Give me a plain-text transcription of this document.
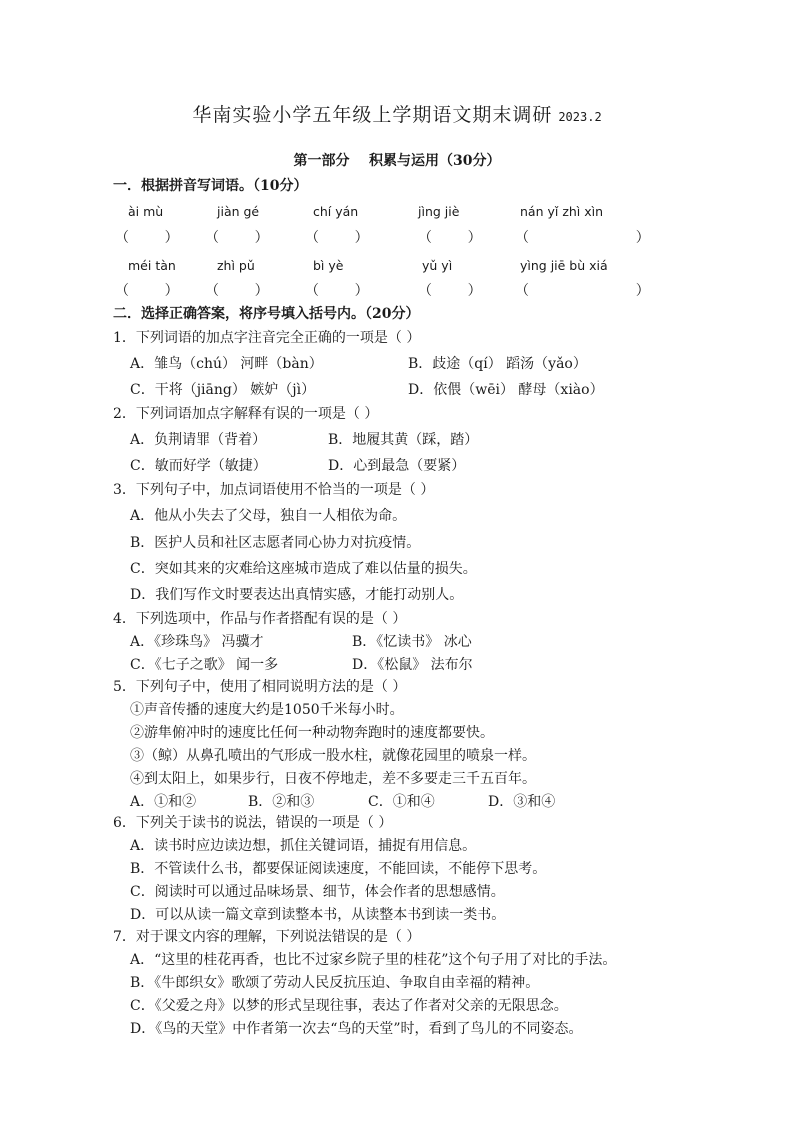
华南实验小学五年级上学期语文期末调研 2023.2
第一部分    积累与运用（30分）
一．根据拼音写词语。（10分）
ài mù	jiàn gé	chí yán	jìng jiè	nán yǐ zhì xìn
（        ） （        ）	（        ）	（        ） （                        ）
méi tàn	zhì pǔ	bì yè	yǔ yì	yìng jiē bù xiá
（        ） （        ）	（        ）	（        ） （                        ）
二．选择正确答案，将序号填入括号内。（20分）
1．下列词语的加点字注音完全正确的一项是（ ）
A．雏鸟（chú） 河畔（bàn）	B．歧途（qí） 蹈汤（yǎo）
C．干将（jiāng） 嫉妒（jì）	D．依偎（wēi） 酵母（xiào）
2．下列词语加点字解释有误的一项是（ ）
A．负荆请罪（背着）	B．地履其黄（踩，踏）
C．敏而好学（敏捷）	D．心到最急（要紧）
3．下列句子中，加点词语使用不恰当的一项是（ ）
A．他从小失去了父母，独自一人相依为命。
B．医护人员和社区志愿者同心协力对抗疫情。
C．突如其来的灾难给这座城市造成了难以估量的损失。
D．我们写作文时要表达出真情实感，才能打动别人。
4．下列选项中，作品与作者搭配有误的是（ ）
A．《珍珠鸟》 冯骥才	B．《忆读书》 冰心
C．《七子之歌》 闻一多	D．《松鼠》 法布尔
5．下列句子中，使用了相同说明方法的是（ ）
①声音传播的速度大约是1050千米每小时。
②游隼俯冲时的速度比任何一种动物奔跑时的速度都要快。
③（鲸）从鼻孔喷出的气形成一股水柱，就像花园里的喷泉一样。
④到太阳上，如果步行，日夜不停地走，差不多要走三千五百年。
A．①和②	B．②和③	C．①和④	D．③和④
6．下列关于读书的说法，错误的一项是（ ）
A．读书时应边读边想，抓住关键词语，捕捉有用信息。
B．不管读什么书，都要保证阅读速度，不能回读，不能停下思考。
C．阅读时可以通过品味场景、细节，体会作者的思想感情。
D．可以从读一篇文章到读整本书，从读整本书到读一类书。
7．对于课文内容的理解，下列说法错误的是（ ）
A．“这里的桂花再香，也比不过家乡院子里的桂花”这个句子用了对比的手法。
B．《牛郎织女》歌颂了劳动人民反抗压迫、争取自由幸福的精神。
C．《父爱之舟》以梦的形式呈现往事，表达了作者对父亲的无限思念。
D．《鸟的天堂》中作者第一次去“鸟的天堂”时，看到了鸟儿的不同姿态。
